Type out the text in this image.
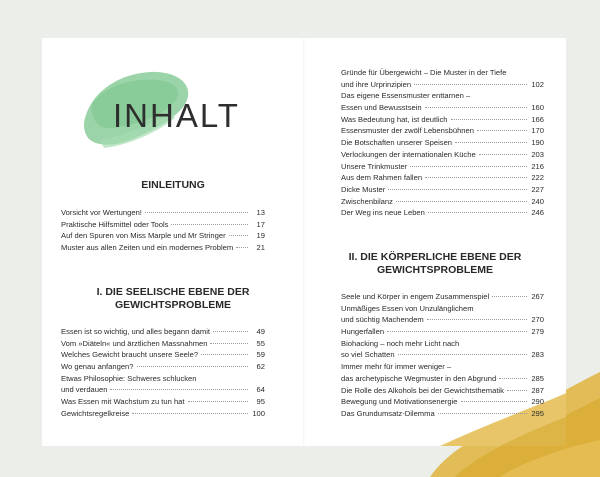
INHALT
EINLEITUNG
Vorsicht vor Wertungen!	13
Praktische Hilfsmittel oder Tools	17
Auf den Spuren von Miss Marple und Mr Stringer	19
Muster aus allen Zeiten und ein modernes Problem	21
I. DIE SEELISCHE EBENE DER
GEWICHTSPROBLEME
Essen ist so wichtig, und alles begann damit	49
Vom »Diäteln« und ärztlichen Massnahmen	55
Welches Gewicht braucht unsere Seele?	59
Wo genau anfangen?	62
Etwas Philosophie: Schweres schlucken
und verdauen	64
Was Essen mit Wachstum zu tun hat	95
Gewichtsregelkreise	100
Gründe für Übergewicht – Die Muster in der Tiefe
und ihre Urprinzipien	102
Das eigene Essensmuster enttarnen –
Essen und Bewusstsein	160
Was Bedeutung hat, ist deutlich	166
Essensmuster der zwölf Lebensbühnen	170
Die Botschaften unserer Speisen	190
Verlockungen der internationalen Küche	203
Unsere Trinkmuster	216
Aus dem Rahmen fallen	222
Dicke Muster	227
Zwischenbilanz	240
Der Weg ins neue Leben	246
II. DIE KÖRPERLICHE EBENE DER
GEWICHTSPROBLEME
Seele und Körper in engem Zusammenspiel	267
Unmäßiges Essen von Unzulänglichem
und süchtig Machendem	270
Hungerfallen	279
Biohacking – noch mehr Licht nach
so viel Schatten	283
Immer mehr für immer weniger –
das archetypische Wegmuster in den Abgrund	285
Die Rolle des Alkohols bei der Gewichtsthematik	287
Bewegung und Motivationsenergie	290
Das Grundumsatz-Dilemma	295
